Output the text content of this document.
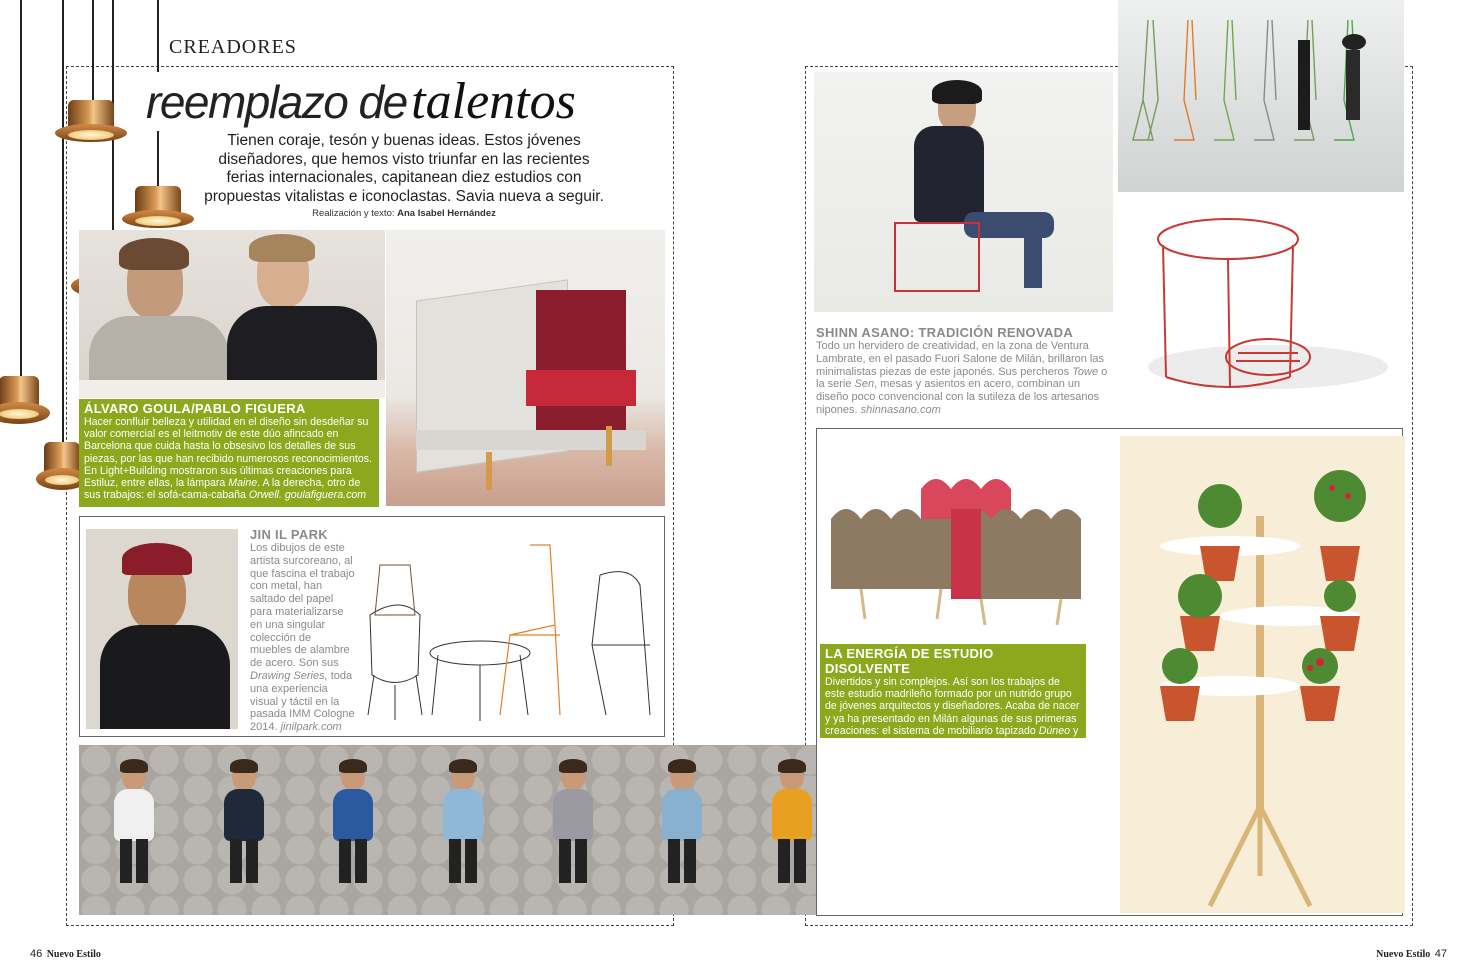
CREADORES
reemplazo de talentos
Tienen coraje, tesón y buenas ideas. Estos jóvenes diseñadores, que hemos visto triunfar en las recientes ferias internacionales, capitanean diez estudios con propuestas vitalistas e iconoclastas. Savia nueva a seguir.
Realización y texto: Ana Isabel Hernández
ÁLVARO GOULA/PABLO FIGUERA
Hacer confluir belleza y utilidad en el diseño sin desdeñar su valor comercial es el leitmotiv de este dúo afincado en Barcelona que cuida hasta lo obsesivo los detalles de sus piezas, por las que han recibido numerosos reconocimientos. En Light+Building mostraron sus últimas creaciones para Estiluz, entre ellas, la lámpara Maine. A la derecha, otro de sus trabajos: el sofá-cama-cabaña Orwell. goulafiguera.com
JIN IL PARK
Los dibujos de este artista surcoreano, al que fascina el trabajo con metal, han saltado del papel para materializarse en una singular colección de muebles de alambre de acero. Son sus Drawing Series, toda una experiencia visual y táctil en la pasada IMM Cologne 2014. jinilpark.com
SHINN ASANO: TRADICIÓN RENOVADA
Todo un hervidero de creatividad, en la zona de Ventura Lambrate, en el pasado Fuori Salone de Milán, brillaron las minimalistas piezas de este japonés. Sus percheros Towe o la serie Sen, mesas y asientos en acero, combinan un diseño poco convencional con la sutileza de los artesanos nipones. shinnasano.com
LA ENERGÍA DE ESTUDIO DISOLVENTE
Divertidos y sin complejos. Así son los trabajos de este estudio madrileño formado por un nutrido grupo de jóvenes arquitectos y diseñadores. Acaba de nacer y ya ha presentado en Milán algunas de sus primeras creaciones: el sistema de mobiliario tapizado Dúneo y el macetero Trees 60. estudiodisolvente.com
46 Nuevo Estilo	Nuevo Estilo 47
